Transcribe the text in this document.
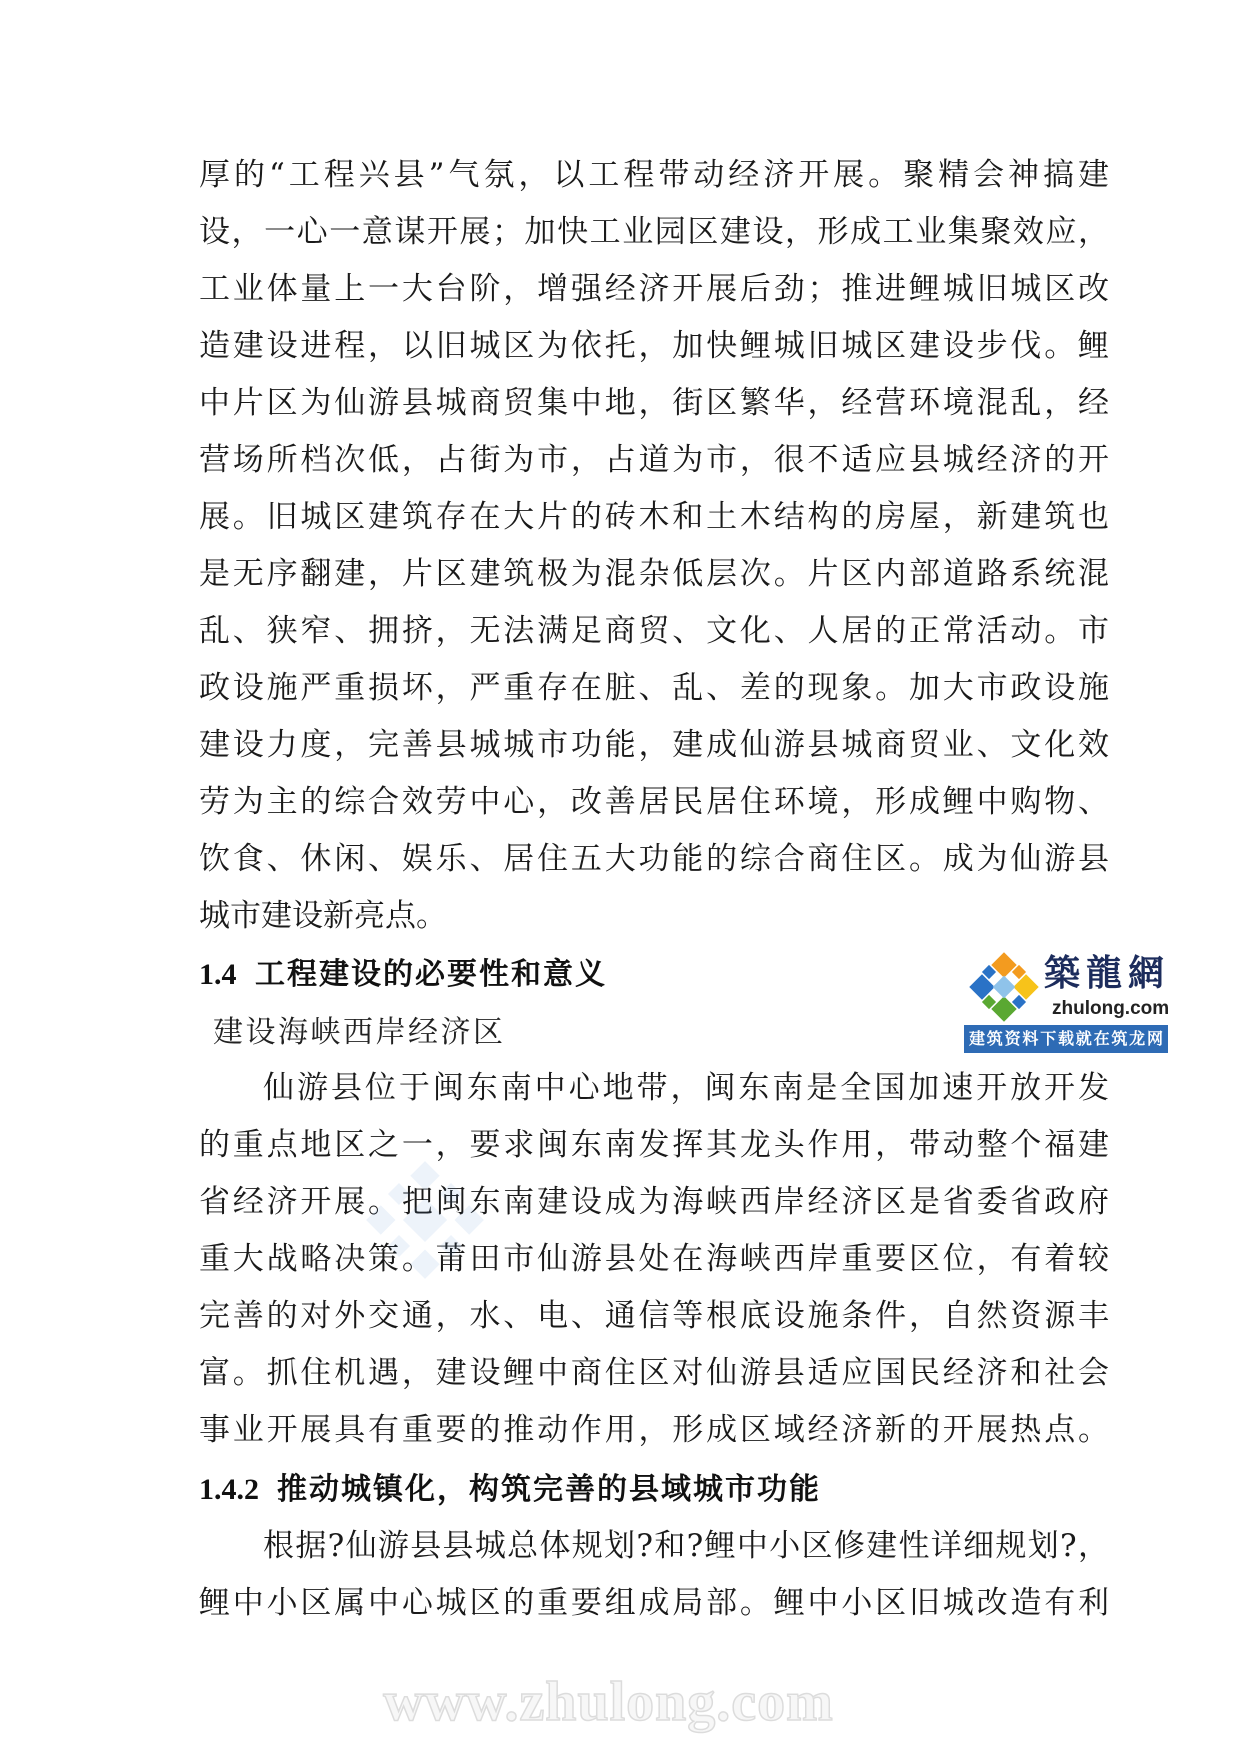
厚的“工程兴县”气氛，以工程带动经济开展。聚精会神搞建
设，一心一意谋开展；加快工业园区建设，形成工业集聚效应，
工业体量上一大台阶，增强经济开展后劲；推进鲤城旧城区改
造建设进程，以旧城区为依托，加快鲤城旧城区建设步伐。鲤
中片区为仙游县城商贸集中地，街区繁华，经营环境混乱，经
营场所档次低，占街为市，占道为市，很不适应县城经济的开
展。旧城区建筑存在大片的砖木和土木结构的房屋，新建筑也
是无序翻建，片区建筑极为混杂低层次。片区内部道路系统混
乱、狭窄、拥挤，无法满足商贸、文化、人居的正常活动。市
政设施严重损坏，严重存在脏、乱、差的现象。加大市政设施
建设力度，完善县城城市功能，建成仙游县城商贸业、文化效
劳为主的综合效劳中心，改善居民居住环境，形成鲤中购物、
饮食、休闲、娱乐、居住五大功能的综合商住区。成为仙游县
城市建设新亮点。
1.4 工程建设的必要性和意义
建设海峡西岸经济区
仙游县位于闽东南中心地带，闽东南是全国加速开放开发
的重点地区之一，要求闽东南发挥其龙头作用，带动整个福建
省经济开展。把闽东南建设成为海峡西岸经济区是省委省政府
重大战略决策。莆田市仙游县处在海峡西岸重要区位，有着较
完善的对外交通，水、电、通信等根底设施条件，自然资源丰
富。抓住机遇，建设鲤中商住区对仙游县适应国民经济和社会
事业开展具有重要的推动作用，形成区域经济新的开展热点。
1.4.2 推动城镇化，构筑完善的县域城市功能
根据?仙游县县城总体规划?和?鲤中小区修建性详细规划?，
鲤中小区属中心城区的重要组成局部。鲤中小区旧城改造有利
築龍網
zhulong.com
建筑资料下载就在筑龙网
www.zhulong.com
